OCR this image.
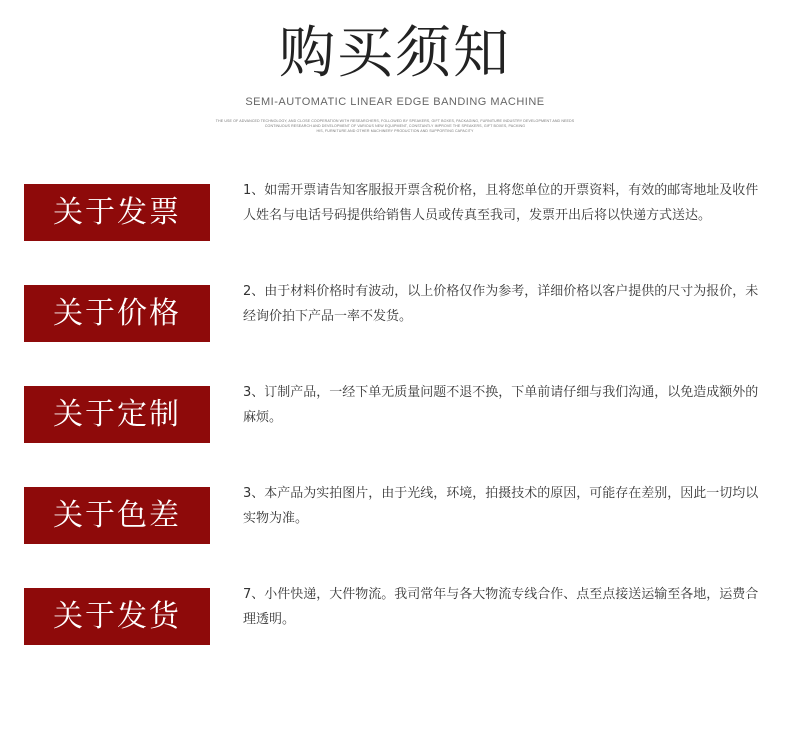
购买须知
SEMI-AUTOMATIC LINEAR EDGE BANDING MACHINE
THE USE OF ADVANCED TECHNOLOGY, AND CLOSE COOPERATION WITH RESEARCHERS, FOLLOWED BY SPEAKERS, GIFT BOXES, PACKAGING, FURNITURE INDUSTRY DEVELOPMENT AND NEEDS
CONTINUOUS RESEARCH AND DEVELOPMENT OF VARIOUS NEW EQUIPMENT, CONSTANTLY IMPROVE THE SPEAKERS, GIFT BOXES, PACKING
HIS, FURNITURE AND OTHER MACHINERY PRODUCTION AND SUPPORTING CAPACITY
关于发票
1、如需开票请告知客服报开票含税价格，且将您单位的开票资料，有效的邮寄地址及收件人姓名与电话号码提供给销售人员或传真至我司，发票开出后将以快递方式送达。
关于价格
2、由于材料价格时有波动，以上价格仅作为参考，详细价格以客户提供的尺寸为报价，未经询价拍下产品一率不发货。
关于定制
3、订制产品，一经下单无质量问题不退不换，下单前请仔细与我们沟通，以免造成额外的麻烦。
关于色差
3、本产品为实拍图片，由于光线，环境，拍摄技术的原因，可能存在差别，因此一切均以实物为准。
关于发货
7、小件快递，大件物流。我司常年与各大物流专线合作、点至点接送运输至各地，运费合理透明。
